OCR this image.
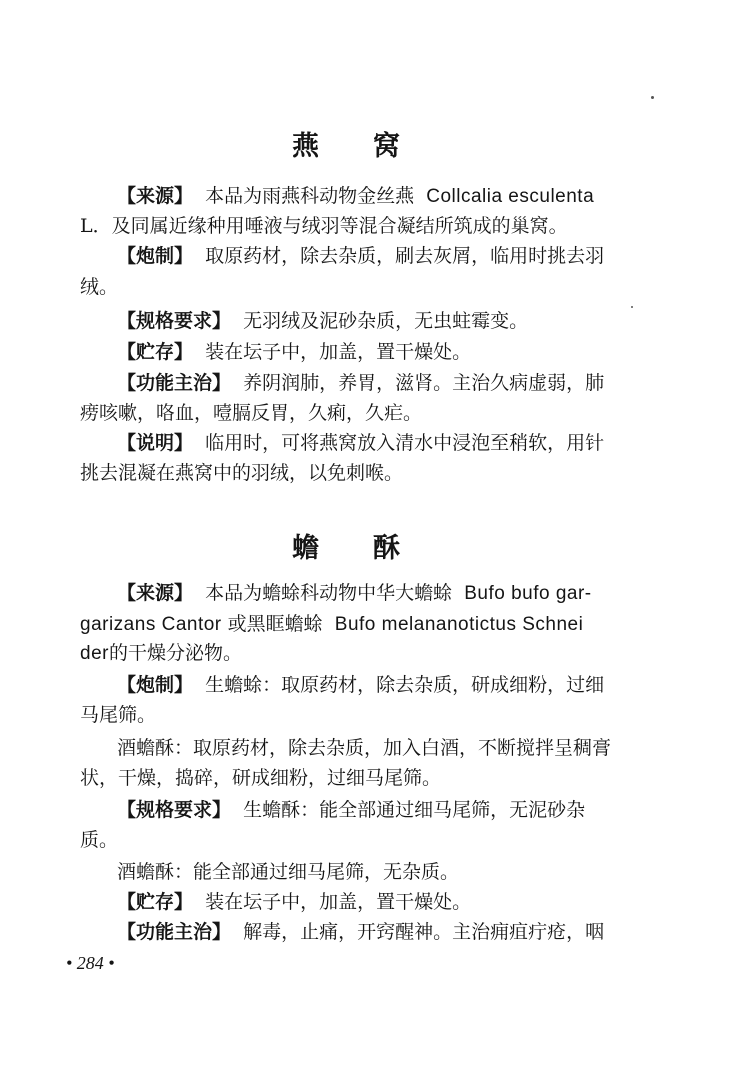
燕窝
【来源】 本品为雨燕科动物金丝燕 Collcalia esculenta
L．及同属近缘种用唾液与绒羽等混合凝结所筑成的巢窝。
【炮制】 取原药材，除去杂质，刷去灰屑，临用时挑去羽
绒。
【规格要求】 无羽绒及泥砂杂质，无虫蛀霉变。
【贮存】 装在坛子中，加盖，置干燥处。
【功能主治】 养阴润肺，养胃，滋肾。主治久病虚弱，肺
痨咳嗽，咯血，噎膈反胃，久痢，久疟。
【说明】 临用时，可将燕窝放入清水中浸泡至稍软，用针
挑去混凝在燕窝中的羽绒，以免刺喉。
蟾酥
【来源】 本品为蟾蜍科动物中华大蟾蜍 Bufo bufo gar-
garizans Cantor 或黑眶蟾蜍 Bufo melananotictus Schnei
der的干燥分泌物。
【炮制】 生蟾蜍：取原药材，除去杂质，研成细粉，过细
马尾筛。
酒蟾酥：取原药材，除去杂质，加入白酒，不断搅拌呈稠膏
状，干燥，捣碎，研成细粉，过细马尾筛。
【规格要求】 生蟾酥：能全部通过细马尾筛，无泥砂杂
质。
酒蟾酥：能全部通过细马尾筛，无杂质。
【贮存】 装在坛子中，加盖，置干燥处。
【功能主治】 解毒，止痛，开窍醒神。主治痈疽疔疮，咽
• 284 •
